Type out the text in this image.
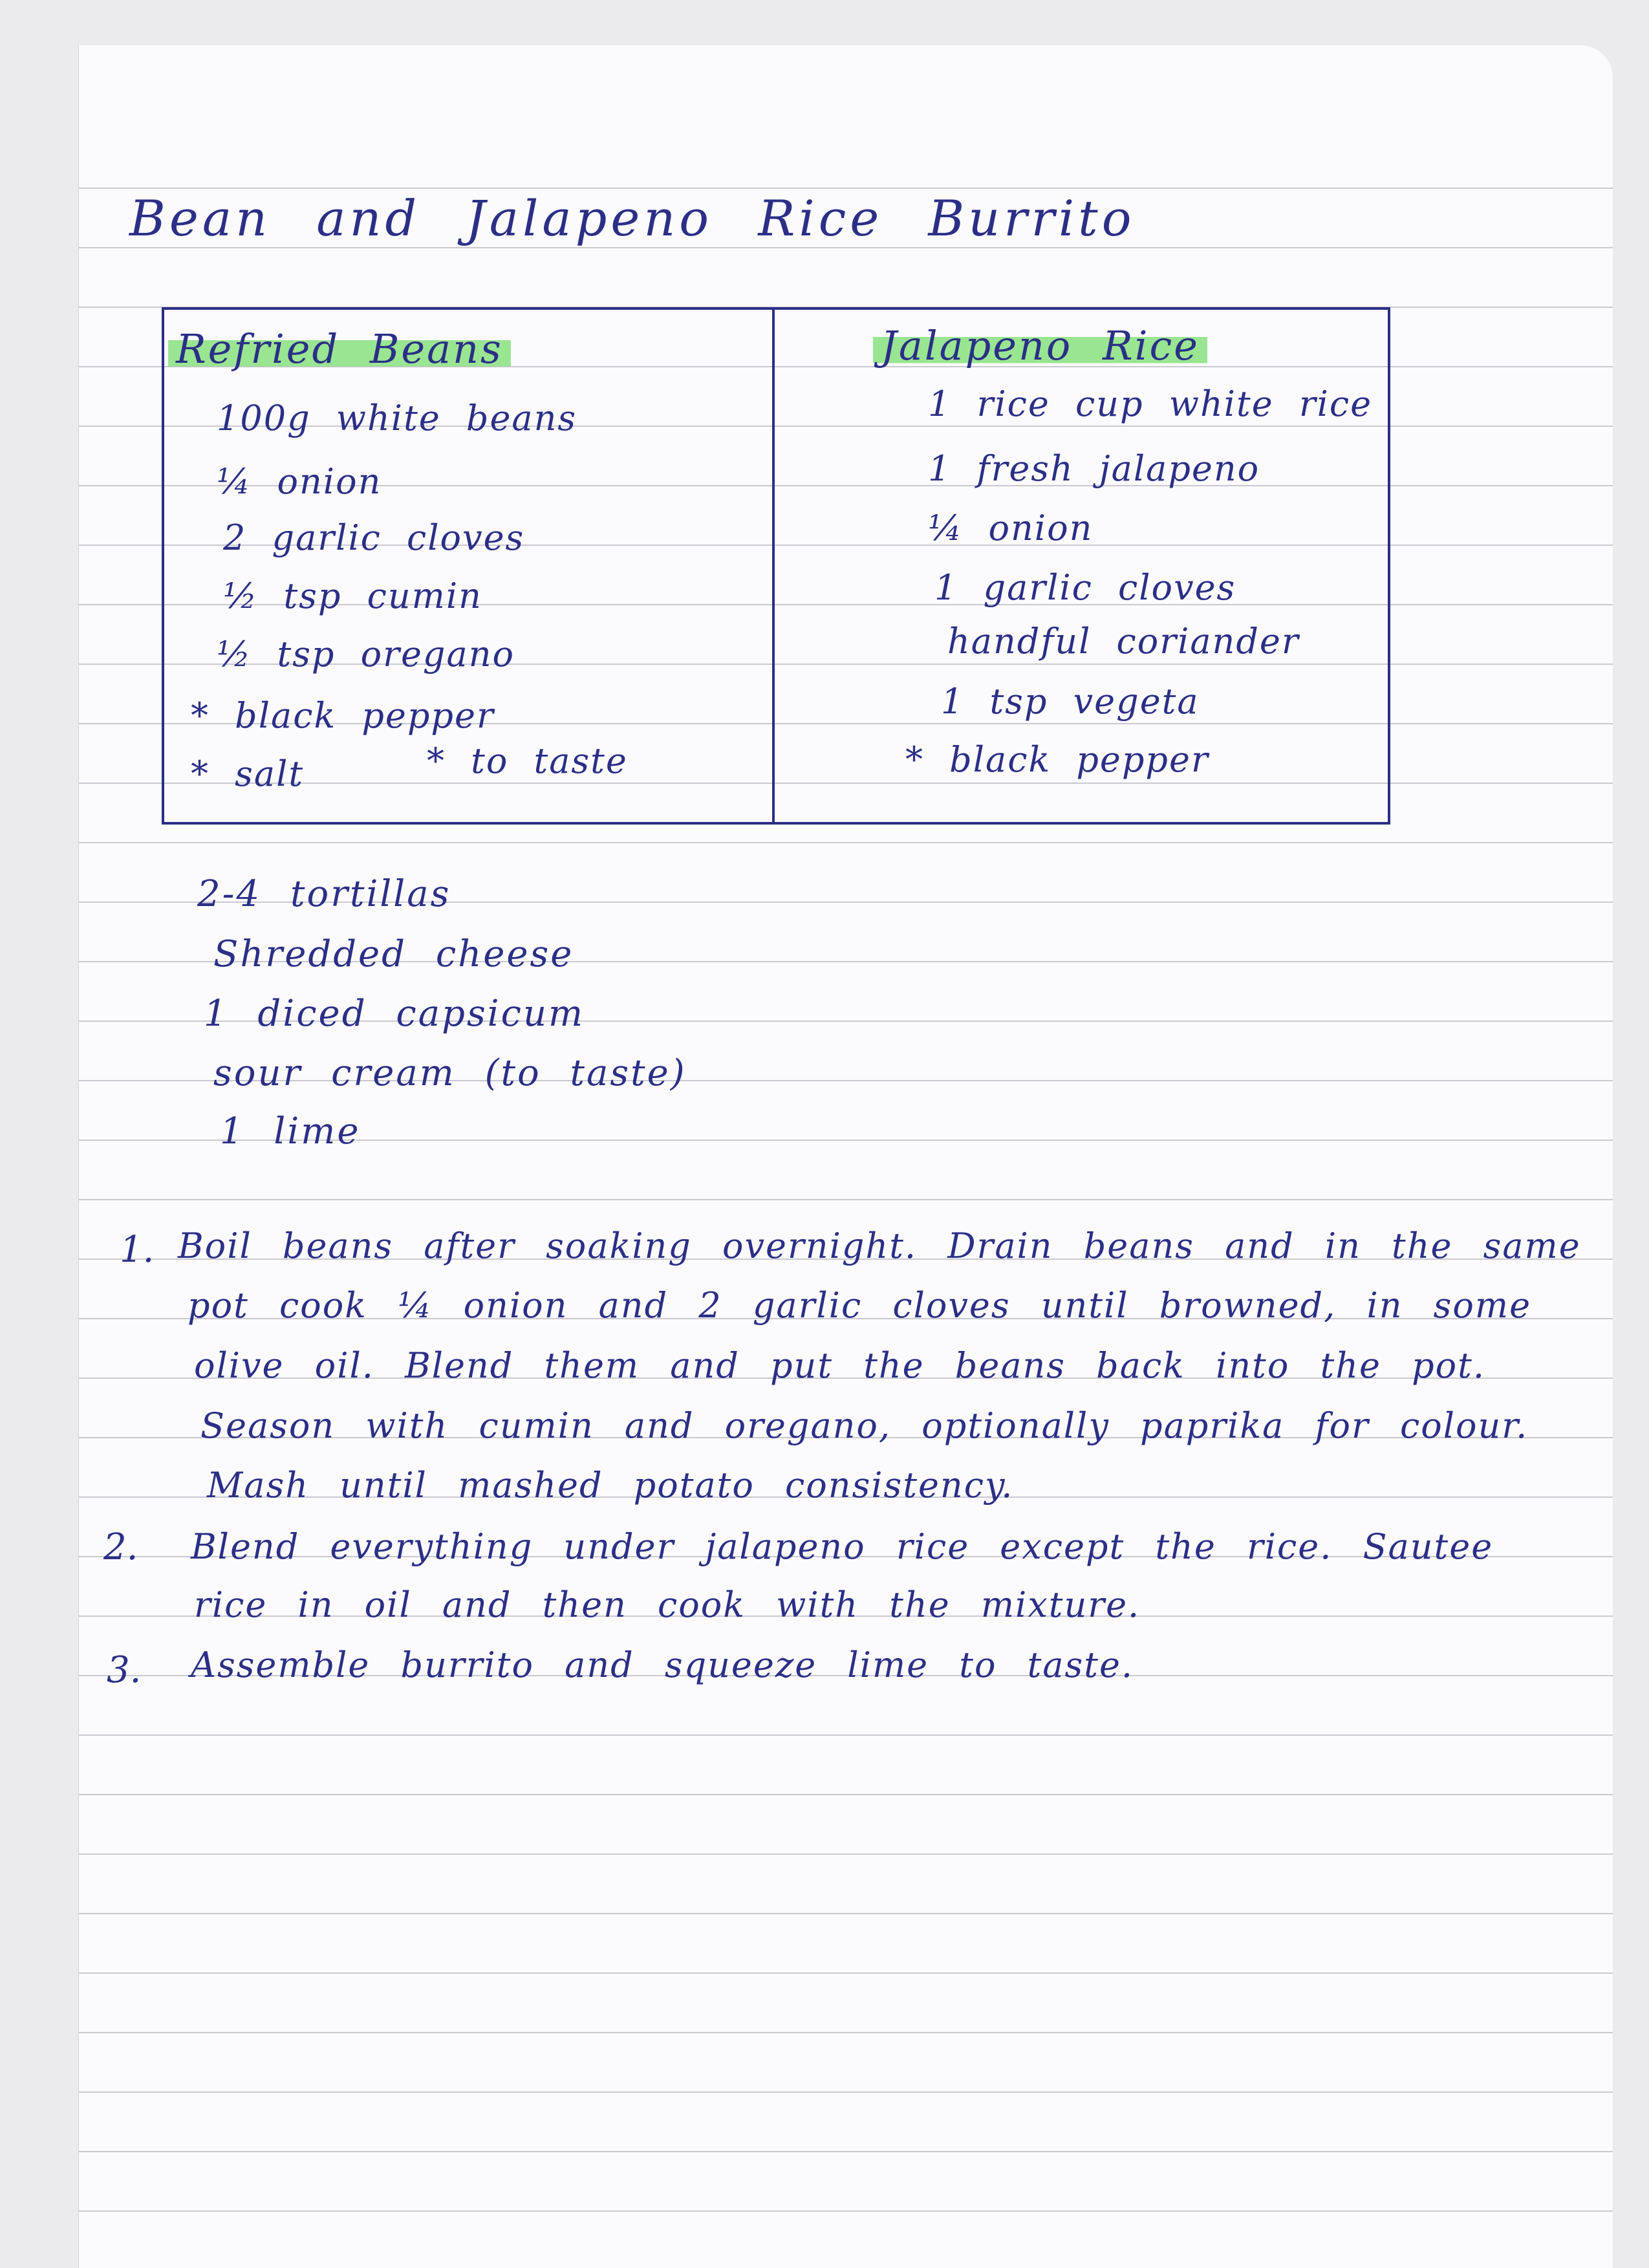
Bean and Jalapeno Rice Burrito
Refried Beans
100g white beans
¼ onion
2 garlic cloves
½ tsp cumin
½ tsp oregano
* black pepper
* salt	* to taste
Jalapeno Rice
1 rice cup white rice
1 fresh jalapeno
¼ onion
1 garlic cloves
handful coriander
1 tsp vegeta
* black pepper
2-4 tortillas
Shredded cheese
1 diced capsicum
sour cream (to taste)
1 lime
1. Boil beans after soaking overnight. Drain beans and in the same
pot cook ¼ onion and 2 garlic cloves until browned, in some
olive oil. Blend them and put the beans back into the pot.
Season with cumin and oregano, optionally paprika for colour.
Mash until mashed potato consistency.
2. Blend everything under jalapeno rice except the rice. Sautee
rice in oil and then cook with the mixture.
3. Assemble burrito and squeeze lime to taste.
